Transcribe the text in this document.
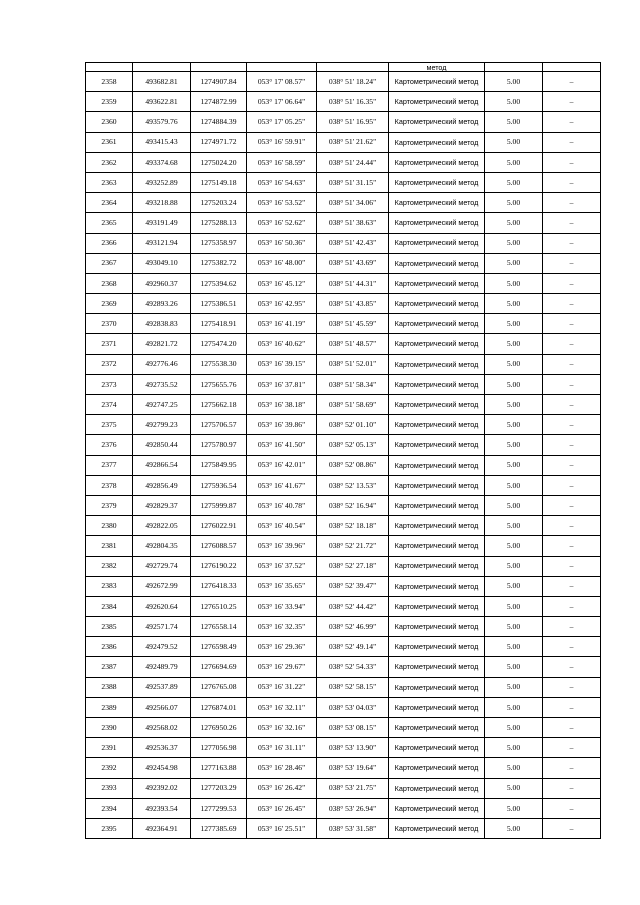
					метод		
2358	493682.81	1274907.84	053° 17' 08.57"	038° 51' 18.24"	Картометрический метод	5.00	–
2359	493622.81	1274872.99	053° 17' 06.64"	038° 51' 16.35"	Картометрический метод	5.00	–
2360	493579.76	1274884.39	053° 17' 05.25"	038° 51' 16.95"	Картометрический метод	5.00	–
2361	493415.43	1274971.72	053° 16' 59.91"	038° 51' 21.62"	Картометрический метод	5.00	–
2362	493374.68	1275024.20	053° 16' 58.59"	038° 51' 24.44"	Картометрический метод	5.00	–
2363	493252.89	1275149.18	053° 16' 54.63"	038° 51' 31.15"	Картометрический метод	5.00	–
2364	493218.88	1275203.24	053° 16' 53.52"	038° 51' 34.06"	Картометрический метод	5.00	–
2365	493191.49	1275288.13	053° 16' 52.62"	038° 51' 38.63"	Картометрический метод	5.00	–
2366	493121.94	1275358.97	053° 16' 50.36"	038° 51' 42.43"	Картометрический метод	5.00	–
2367	493049.10	1275382.72	053° 16' 48.00"	038° 51' 43.69"	Картометрический метод	5.00	–
2368	492960.37	1275394.62	053° 16' 45.12"	038° 51' 44.31"	Картометрический метод	5.00	–
2369	492893.26	1275386.51	053° 16' 42.95"	038° 51' 43.85"	Картометрический метод	5.00	–
2370	492838.83	1275418.91	053° 16' 41.19"	038° 51' 45.59"	Картометрический метод	5.00	–
2371	492821.72	1275474.20	053° 16' 40.62"	038° 51' 48.57"	Картометрический метод	5.00	–
2372	492776.46	1275538.30	053° 16' 39.15"	038° 51' 52.01"	Картометрический метод	5.00	–
2373	492735.52	1275655.76	053° 16' 37.81"	038° 51' 58.34"	Картометрический метод	5.00	–
2374	492747.25	1275662.18	053° 16' 38.18"	038° 51' 58.69"	Картометрический метод	5.00	–
2375	492799.23	1275706.57	053° 16' 39.86"	038° 52' 01.10"	Картометрический метод	5.00	–
2376	492850.44	1275780.97	053° 16' 41.50"	038° 52' 05.13"	Картометрический метод	5.00	–
2377	492866.54	1275849.95	053° 16' 42.01"	038° 52' 08.86"	Картометрический метод	5.00	–
2378	492856.49	1275936.54	053° 16' 41.67"	038° 52' 13.53"	Картометрический метод	5.00	–
2379	492829.37	1275999.87	053° 16' 40.78"	038° 52' 16.94"	Картометрический метод	5.00	–
2380	492822.05	1276022.91	053° 16' 40.54"	038° 52' 18.18"	Картометрический метод	5.00	–
2381	492804.35	1276088.57	053° 16' 39.96"	038° 52' 21.72"	Картометрический метод	5.00	–
2382	492729.74	1276190.22	053° 16' 37.52"	038° 52' 27.18"	Картометрический метод	5.00	–
2383	492672.99	1276418.33	053° 16' 35.65"	038° 52' 39.47"	Картометрический метод	5.00	–
2384	492620.64	1276510.25	053° 16' 33.94"	038° 52' 44.42"	Картометрический метод	5.00	–
2385	492571.74	1276558.14	053° 16' 32.35"	038° 52' 46.99"	Картометрический метод	5.00	–
2386	492479.52	1276598.49	053° 16' 29.36"	038° 52' 49.14"	Картометрический метод	5.00	–
2387	492489.79	1276694.69	053° 16' 29.67"	038° 52' 54.33"	Картометрический метод	5.00	–
2388	492537.89	1276765.08	053° 16' 31.22"	038° 52' 58.15"	Картометрический метод	5.00	–
2389	492566.07	1276874.01	053° 16' 32.11"	038° 53' 04.03"	Картометрический метод	5.00	–
2390	492568.02	1276950.26	053° 16' 32.16"	038° 53' 08.15"	Картометрический метод	5.00	–
2391	492536.37	1277056.98	053° 16' 31.11"	038° 53' 13.90"	Картометрический метод	5.00	–
2392	492454.98	1277163.88	053° 16' 28.46"	038° 53' 19.64"	Картометрический метод	5.00	–
2393	492392.02	1277203.29	053° 16' 26.42"	038° 53' 21.75"	Картометрический метод	5.00	–
2394	492393.54	1277299.53	053° 16' 26.45"	038° 53' 26.94"	Картометрический метод	5.00	–
2395	492364.91	1277385.69	053° 16' 25.51"	038° 53' 31.58"	Картометрический метод	5.00	–
